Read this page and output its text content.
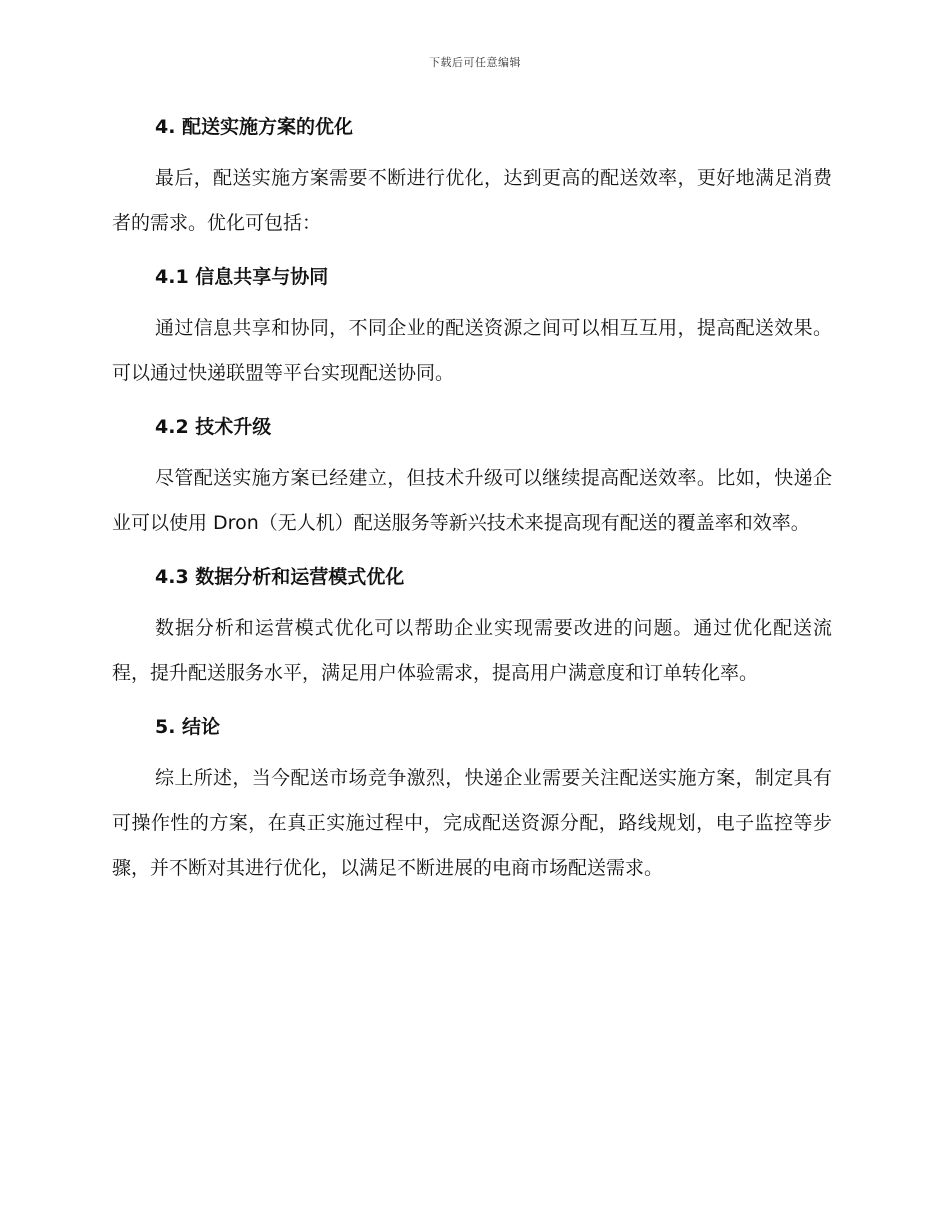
下载后可任意编辑
4. 配送实施方案的优化

最后，配送实施方案需要不断进行优化，达到更高的配送效率，更好地满足消费者的需求。优化可包括：

4.1 信息共享与协同

通过信息共享和协同，不同企业的配送资源之间可以相互互用，提高配送效果。可以通过快递联盟等平台实现配送协同。

4.2 技术升级

尽管配送实施方案已经建立，但技术升级可以继续提高配送效率。比如，快递企业可以使用 Dron（无人机）配送服务等新兴技术来提高现有配送的覆盖率和效率。

4.3 数据分析和运营模式优化

数据分析和运营模式优化可以帮助企业实现需要改进的问题。通过优化配送流程，提升配送服务水平，满足用户体验需求，提高用户满意度和订单转化率。

5. 结论

综上所述，当今配送市场竞争激烈，快递企业需要关注配送实施方案，制定具有可操作性的方案，在真正实施过程中，完成配送资源分配，路线规划，电子监控等步骤，并不断对其进行优化，以满足不断进展的电商市场配送需求。
